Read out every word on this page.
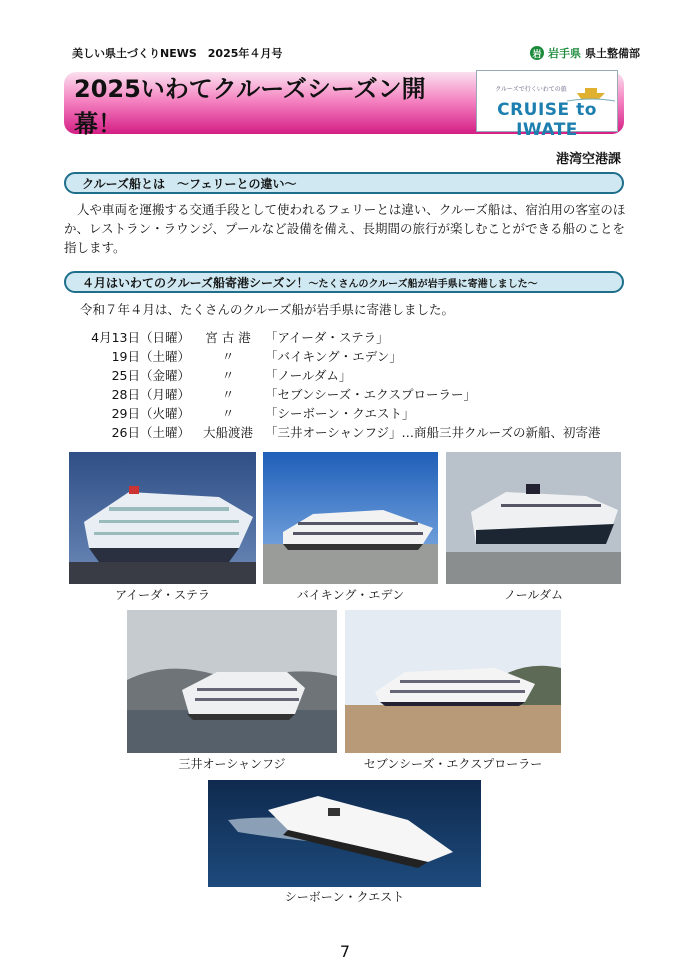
美しい県土づくりNEWS　2025年４月号	岩 岩手県 県土整備部
2025いわてクルーズシーズン開幕！
クルーズで行くいわての旅
CRUISE to IWATE
港湾空港課
クルーズ船とは　～フェリーとの違い～
人や車両を運搬する交通手段として使われるフェリーとは違い、クルーズ船は、宿泊用の客室のほか、レストラン・ラウンジ、プールなど設備を備え、長期間の旅行が楽しむことができる船のことを指します。
４月はいわてのクルーズ船寄港シーズン！ ～たくさんのクルーズ船が岩手県に寄港しました～
令和７年４月は、たくさんのクルーズ船が岩手県に寄港しました。
4月13日（日曜）	宮 古 港	「アイーダ・ステラ」
19日（土曜）	〃	「バイキング・エデン」
25日（金曜）	〃	「ノールダム」
28日（月曜）	〃	「セブンシーズ・エクスプローラー」
29日（火曜）	〃	「シーボーン・クエスト」
26日（土曜）	大船渡港 「三井オーシャンフジ」…商船三井クルーズの新船、初寄港
アイーダ・ステラ	バイキング・エデン	ノールダム
三井オーシャンフジ	セブンシーズ・エクスプローラー
シーボーン・クエスト
7
